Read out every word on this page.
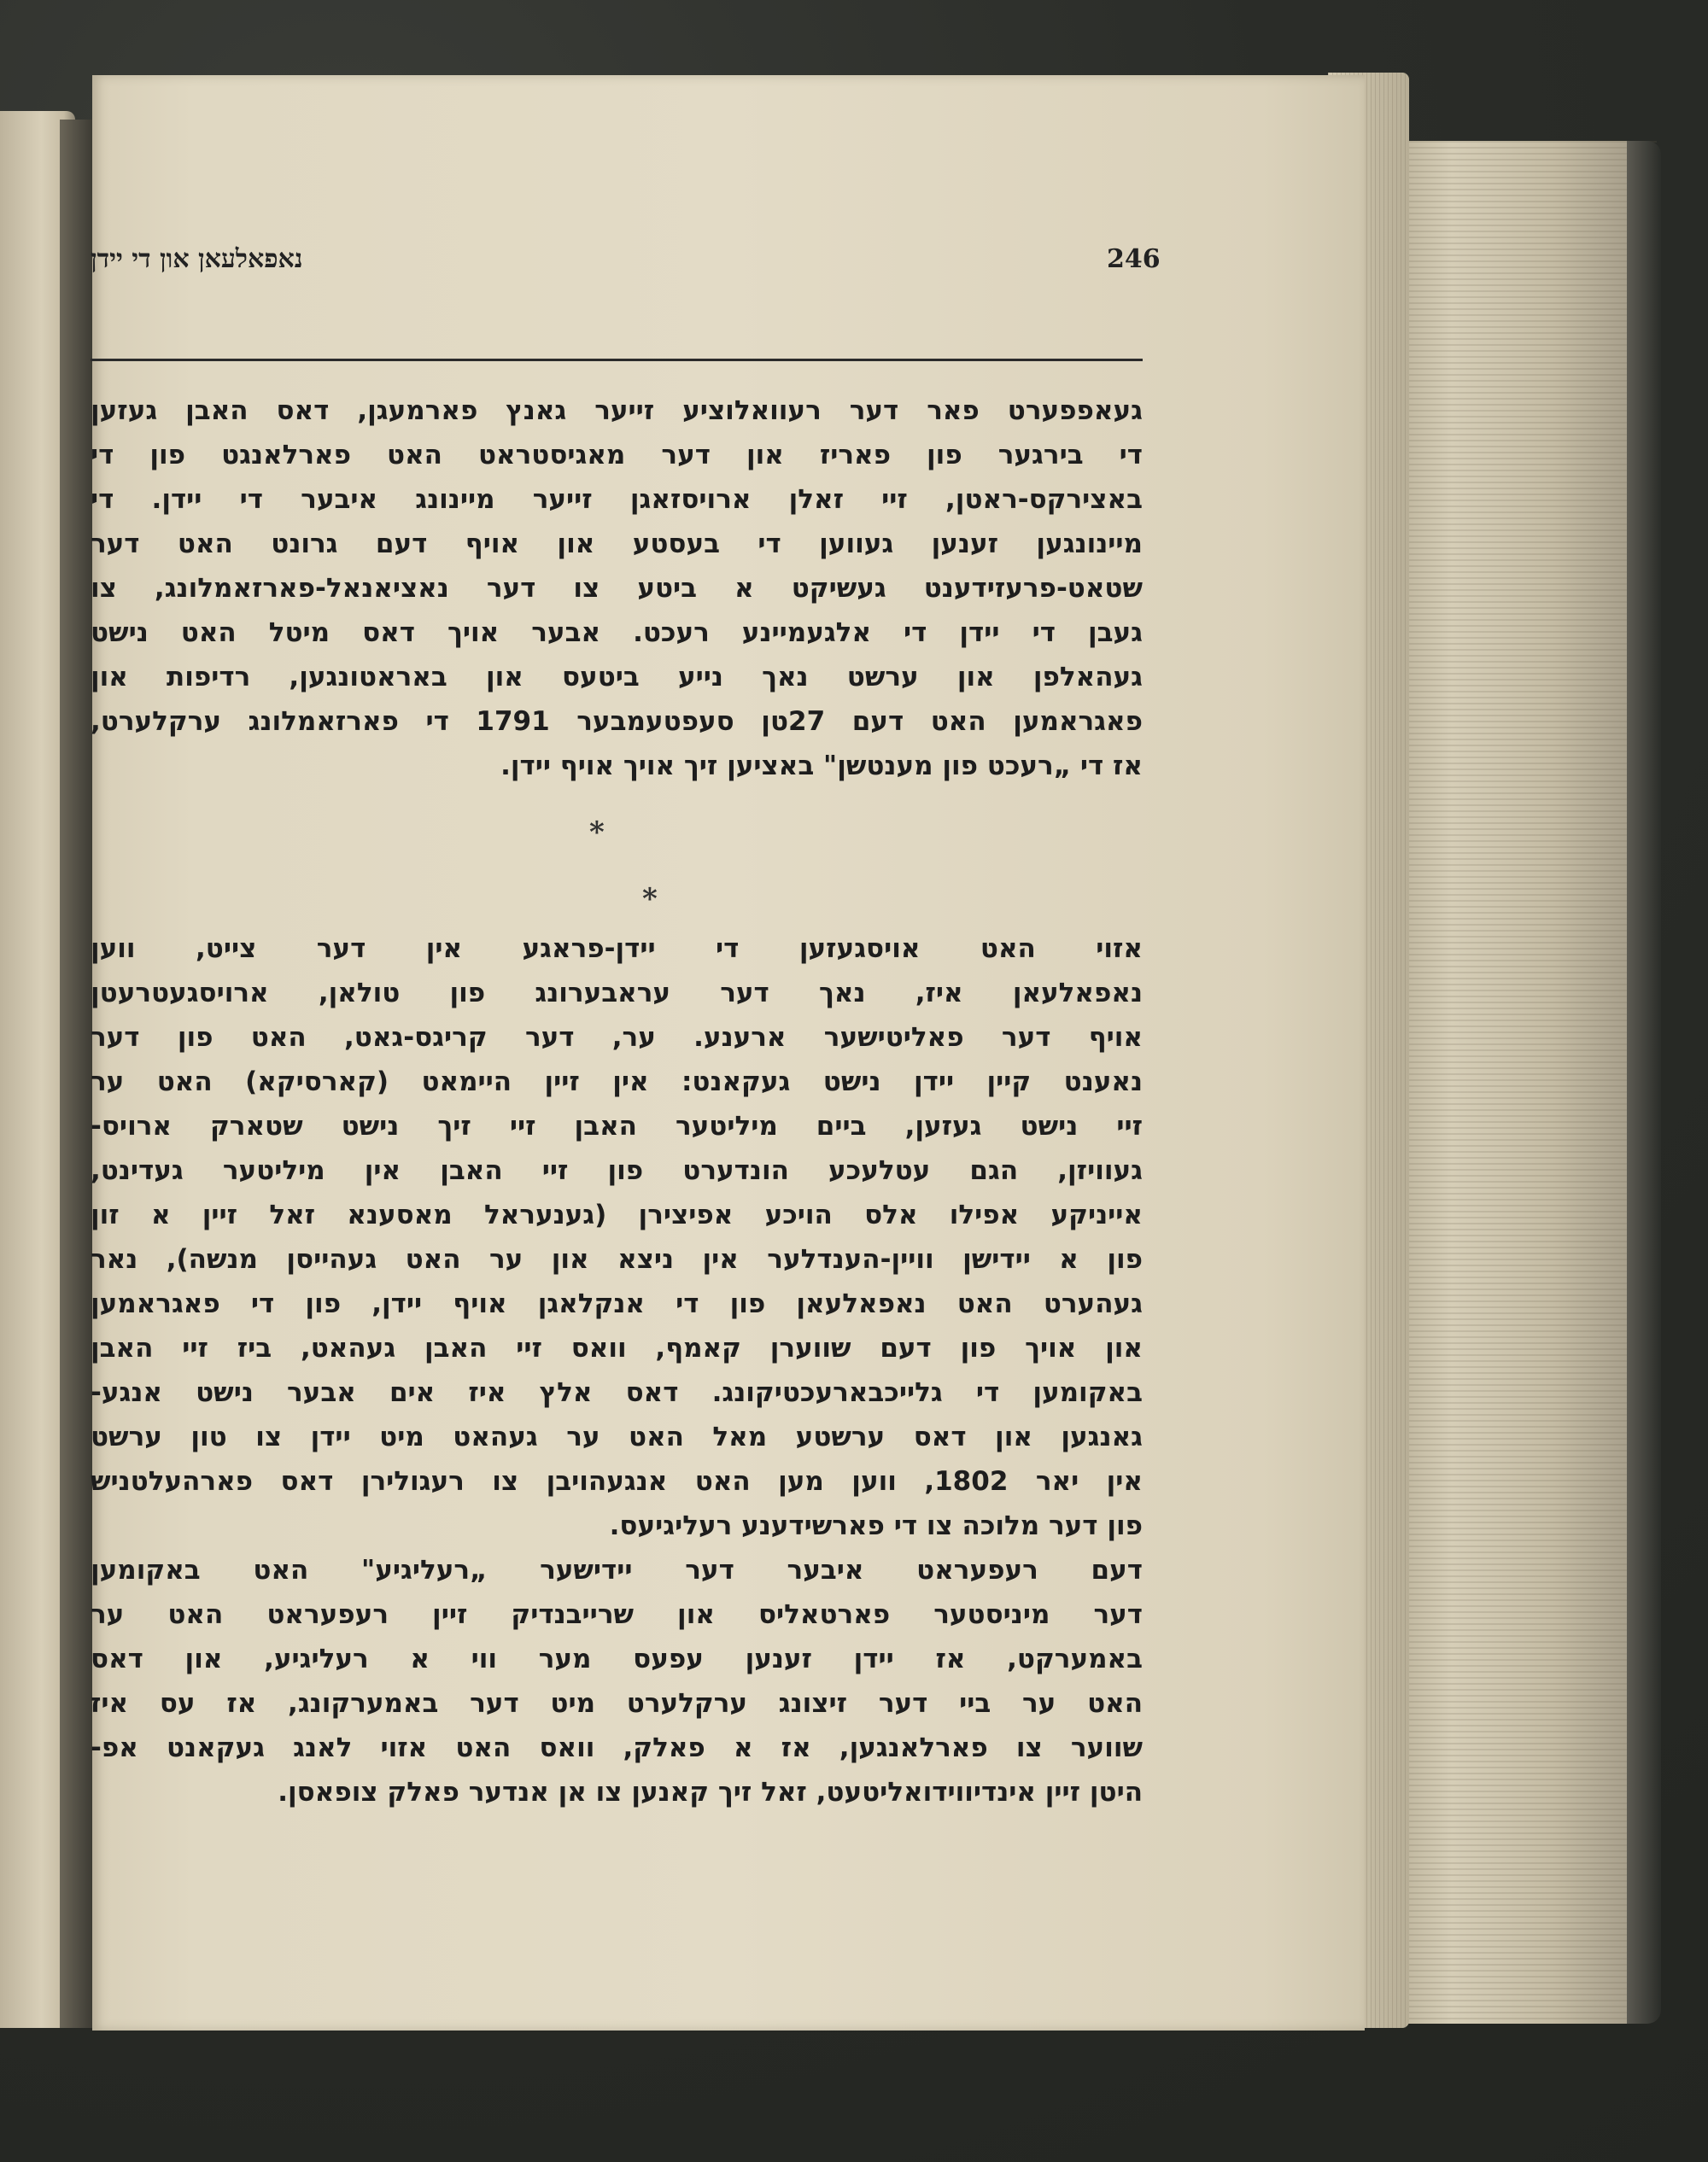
נאפאלעאן און די יידן	246
געאפפערט פאר דער רעוואלוציע זייער גאנץ פארמעגן, דאס האבן געזען
די בירגער פון פאריז און דער מאגיסטראט האט פארלאנגט פון די
באצירקס-ראטן, זיי זאלן ארויסזאגן זייער מיינונג איבער די יידן. די
מיינונגען זענען געווען די בעסטע און אויף דעם גרונט האט דער
שטאט-פרעזידענט געשיקט א ביטע צו דער נאציאנאל-פארזאמלונג, צו
געבן די יידן די אלגעמיינע רעכט. אבער אויך דאס מיטל האט נישט
געהאלפן און ערשט נאך נייע ביטעס און באראטונגען, רדיפות און
פאגראמען האט דעם 27טן סעפטעמבער 1791 די פארזאמלונג ערקלערט,
אז די „רעכט פון מענטשן" באציען זיך אויך אויף יידן.
*
*
אזוי האט אויסגעזען די יידן-פראגע אין דער צייט, ווען
נאפאלעאן איז, נאך דער עראבערונג פון טולאן, ארויסגעטרעטן
אויף דער פאליטישער ארענע. ער, דער קריגס-גאט, האט פון דער
נאענט קיין יידן נישט געקאנט: אין זיין היימאט (קארסיקא) האט ער
זיי נישט געזען, ביים מיליטער האבן זיי זיך נישט שטארק ארויס-
געוויזן, הגם עטלעכע הונדערט פון זיי האבן אין מיליטער געדינט,
אייניקע אפילו אלס הויכע אפיצירן (גענעראל מאסענא זאל זיין א זון
פון א יידישן וויין-הענדלער אין ניצא און ער האט געהייסן מנשה), נאר
געהערט האט נאפאלעאן פון די אנקלאגן אויף יידן, פון די פאגראמען
און אויך פון דעם שווערן קאמף, וואס זיי האבן געהאט, ביז זיי האבן
באקומען די גלייכבארעכטיקונג. דאס אלץ איז אים אבער נישט אנגע-
גאנגען און דאס ערשטע מאל האט ער געהאט מיט יידן צו טון ערשט
אין יאר 1802, ווען מען האט אנגעהויבן צו רעגולירן דאס פארהעלטניש
פון דער מלוכה צו די פארשידענע רעליגיעס.
דעם רעפעראט איבער דער יידישער „רעליגיע" האט באקומען
דער מיניסטער פארטאליס און שרייבנדיק זיין רעפעראט האט ער
באמערקט, אז יידן זענען עפעס מער ווי א רעליגיע, און דאס
האט ער ביי דער זיצונג ערקלערט מיט דער באמערקונג, אז עס איז
שווער צו פארלאנגען, אז א פאלק, וואס האט אזוי לאנג געקאנט אפ-
היטן זיין אינדיווידואליטעט, זאל זיך קאנען צו אן אנדער פאלק צופאסן.
